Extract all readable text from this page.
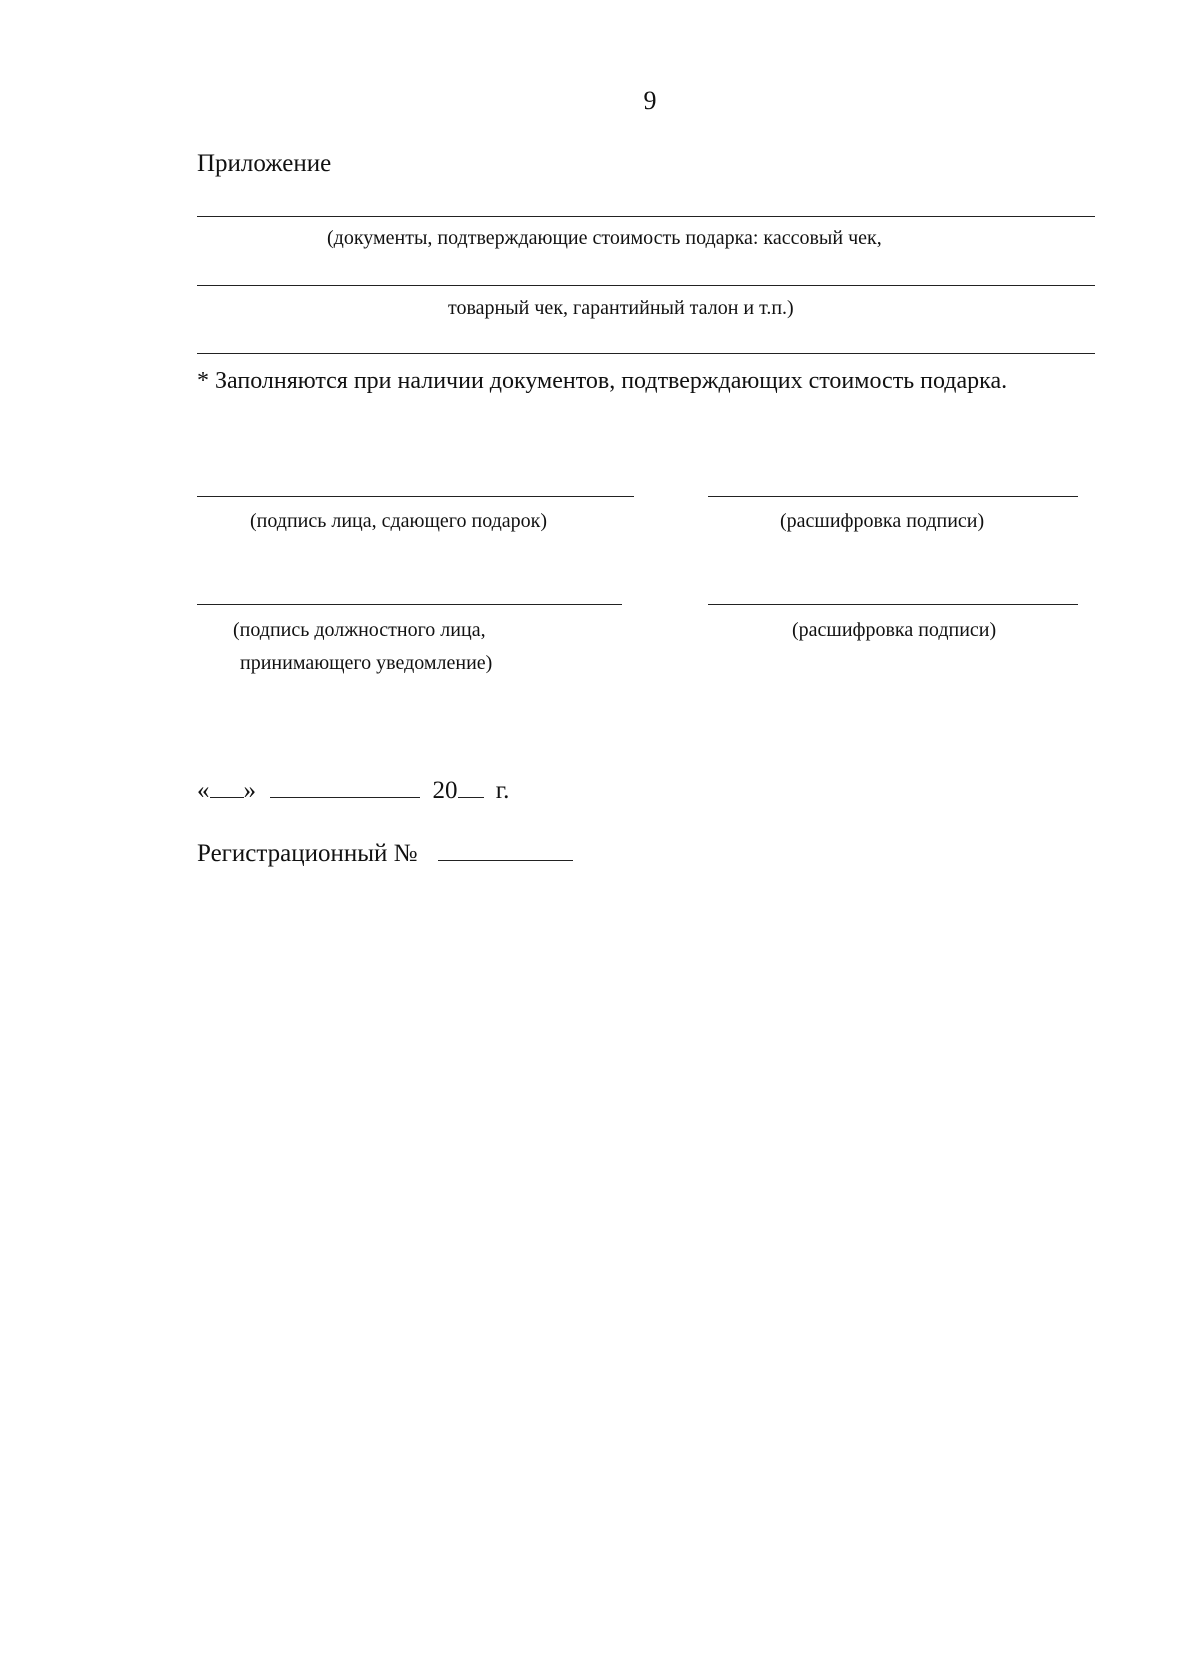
9
Приложение
(документы, подтверждающие стоимость подарка: кассовый чек,
товарный чек, гарантийный талон и т.п.)
* Заполняются при наличии документов, подтверждающих стоимость подарка.
(подпись лица, сдающего подарок)	(расшифровка подписи)
(подпись должностного лица,
принимающего уведомление)
(расшифровка подписи)
« »	20 г.
Регистрационный №
